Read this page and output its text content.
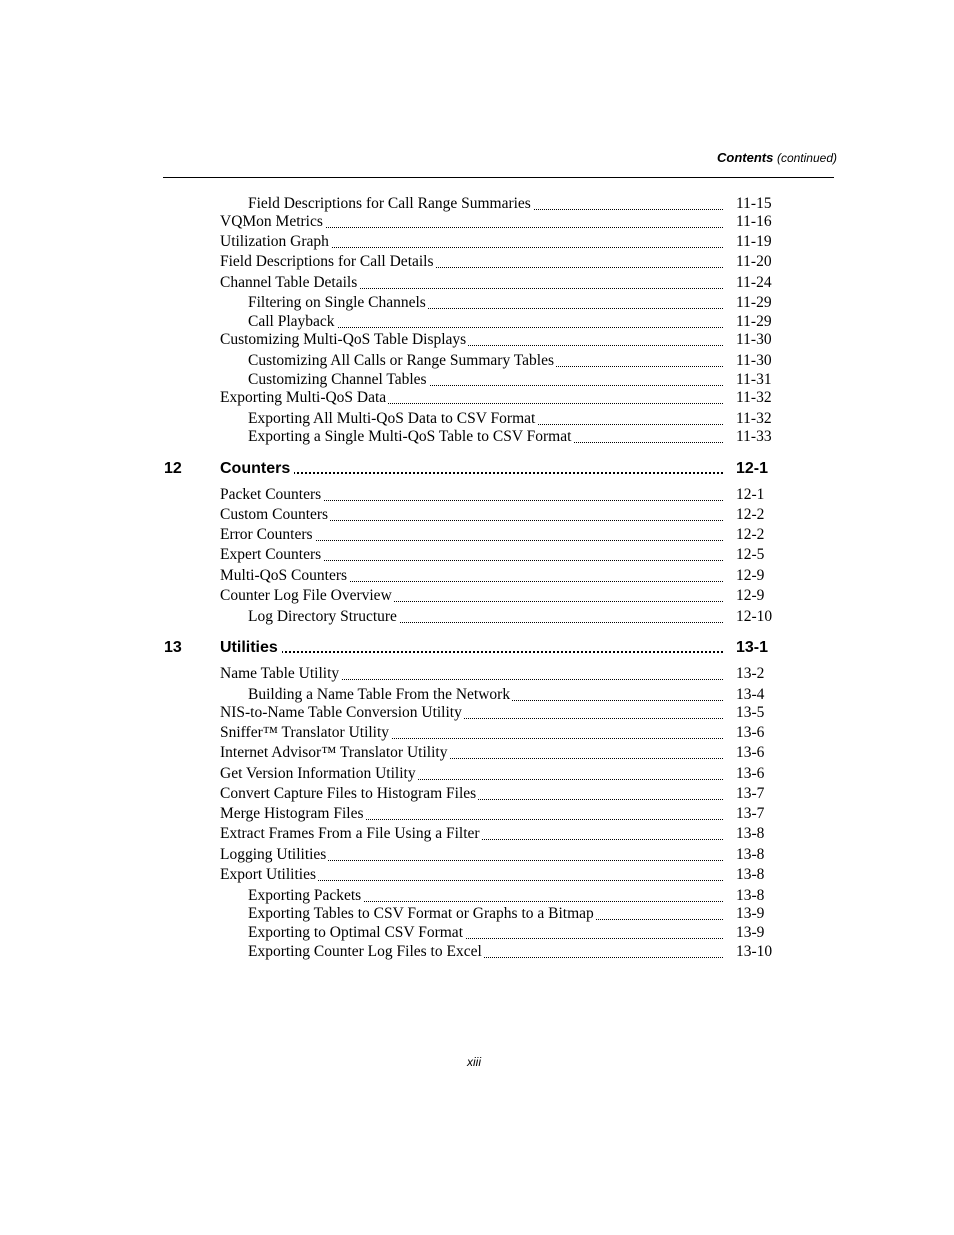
Contents (continued)
Field Descriptions for Call Range Summaries	11-15
VQMon Metrics	11-16
Utilization Graph	11-19
Field Descriptions for Call Details	11-20
Channel Table Details	11-24
Filtering on Single Channels	11-29
Call Playback	11-29
Customizing Multi-QoS Table Displays	11-30
Customizing All Calls or Range Summary Tables	11-30
Customizing Channel Tables	11-31
Exporting Multi-QoS Data	11-32
Exporting All Multi-QoS Data to CSV Format	11-32
Exporting a Single Multi-QoS Table to CSV Format	11-33
12 Counters	12-1
Packet Counters	12-1
Custom Counters	12-2
Error Counters	12-2
Expert Counters	12-5
Multi-QoS Counters	12-9
Counter Log File Overview	12-9
Log Directory Structure	12-10
13 Utilities	13-1
Name Table Utility	13-2
Building a Name Table From the Network	13-4
NIS-to-Name Table Conversion Utility	13-5
Sniffer™ Translator Utility	13-6
Internet Advisor™ Translator Utility	13-6
Get Version Information Utility	13-6
Convert Capture Files to Histogram Files	13-7
Merge Histogram Files	13-7
Extract Frames From a File Using a Filter	13-8
Logging Utilities	13-8
Export Utilities	13-8
Exporting Packets	13-8
Exporting Tables to CSV Format or Graphs to a Bitmap	13-9
Exporting to Optimal CSV Format	13-9
Exporting Counter Log Files to Excel	13-10
xiii
